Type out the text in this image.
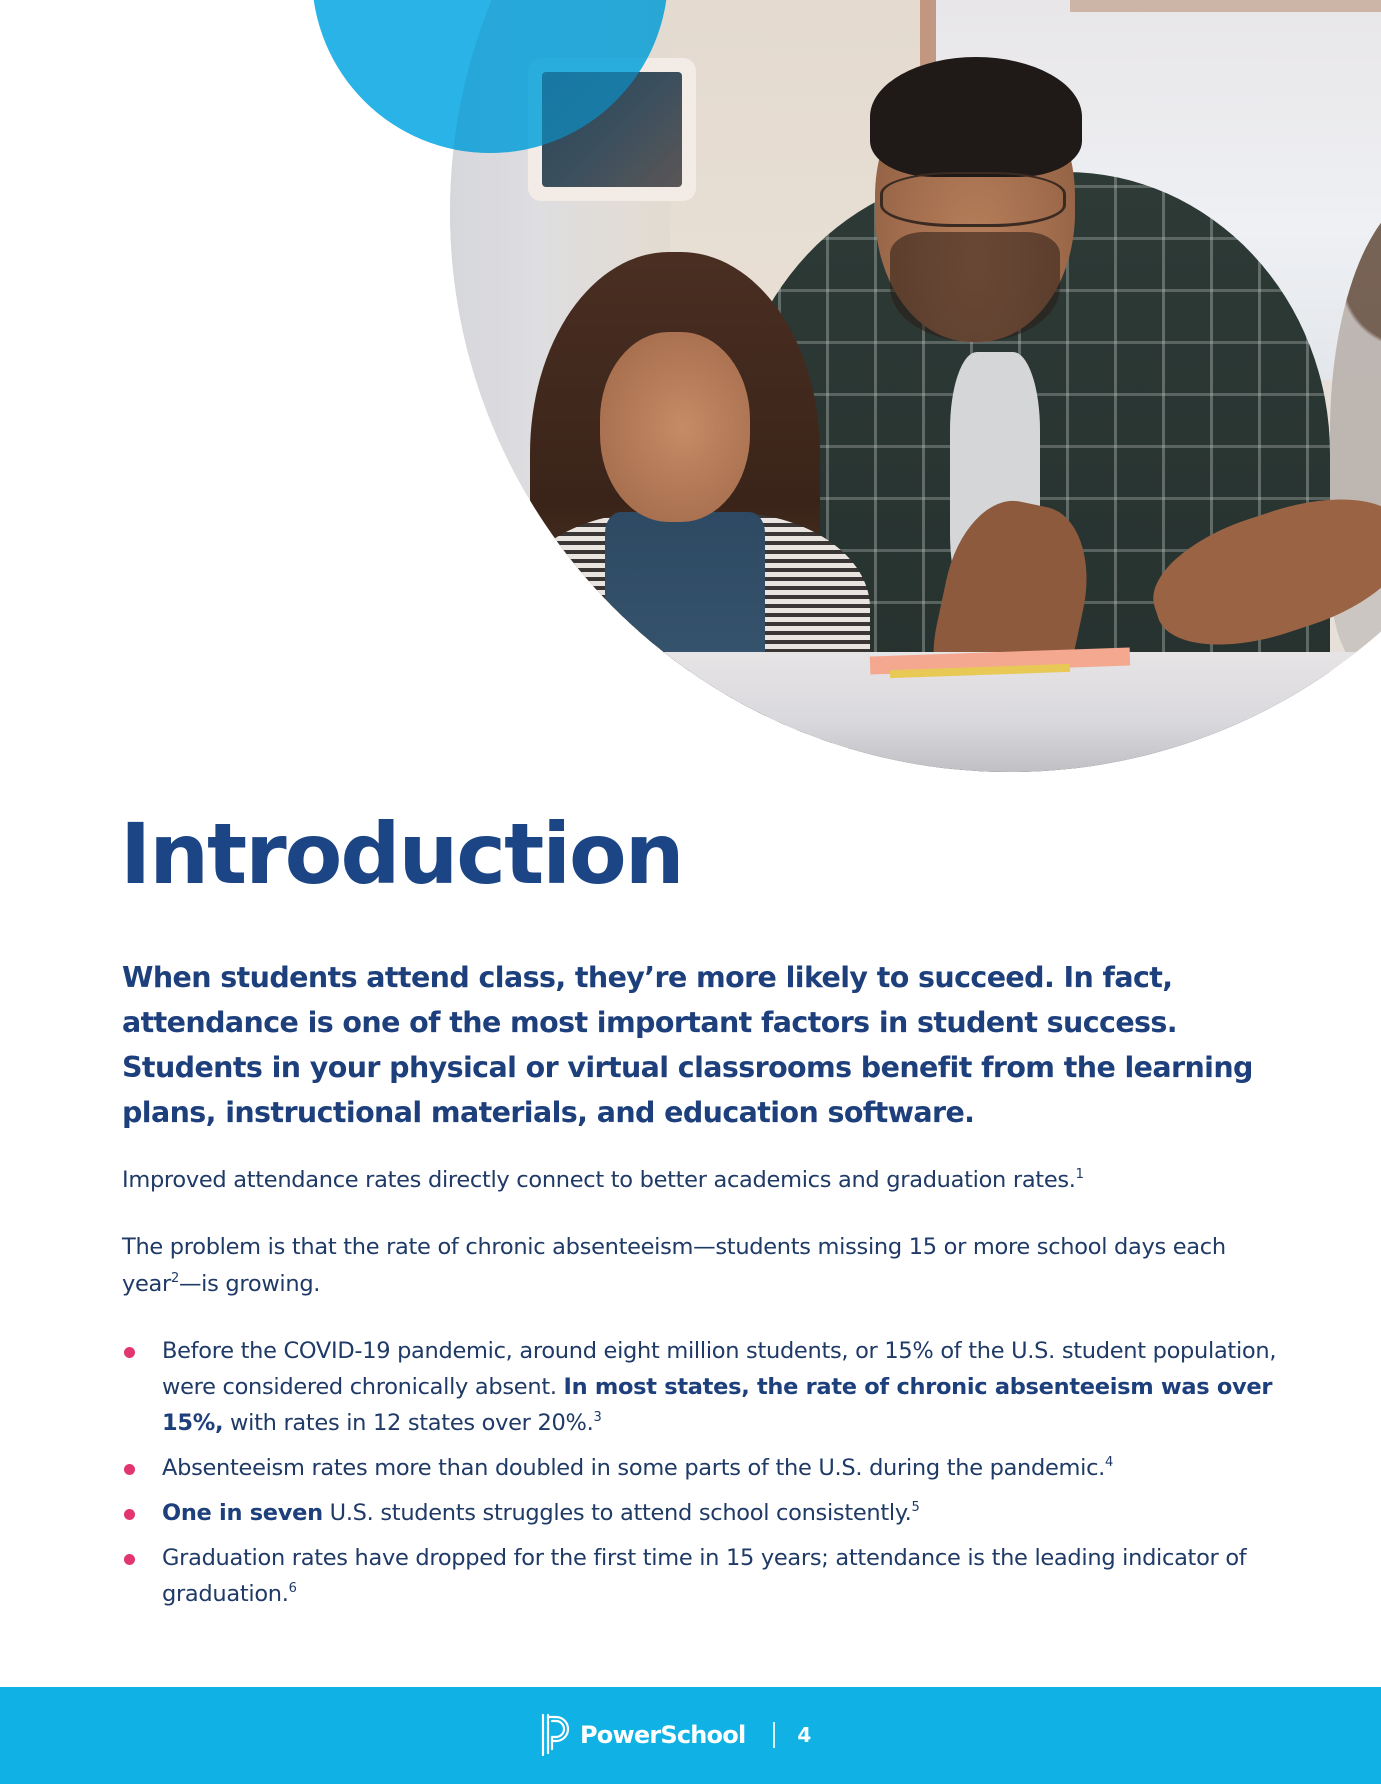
Introduction

When students attend class, they’re more likely to succeed. In fact, attendance is one of the most important factors in student success. Students in your physical or virtual classrooms benefit from the learning plans, instructional materials, and education software.

Improved attendance rates directly connect to better academics and graduation rates.$^1$

The problem is that the rate of chronic absenteeism—students missing 15 or more school days each year$^2$—is growing.

Before the COVID-19 pandemic, around eight million students, or 15% of the U.S. student population, were considered chronically absent. In most states, the rate of chronic absenteeism was over 15%, with rates in 12 states over 20%.$^3$
Absenteeism rates more than doubled in some parts of the U.S. during the pandemic.$^4$
One in seven U.S. students struggles to attend school consistently.$^5$
Graduation rates have dropped for the first time in 15 years; attendance is the leading indicator of graduation.$^6$
PowerSchool	4
